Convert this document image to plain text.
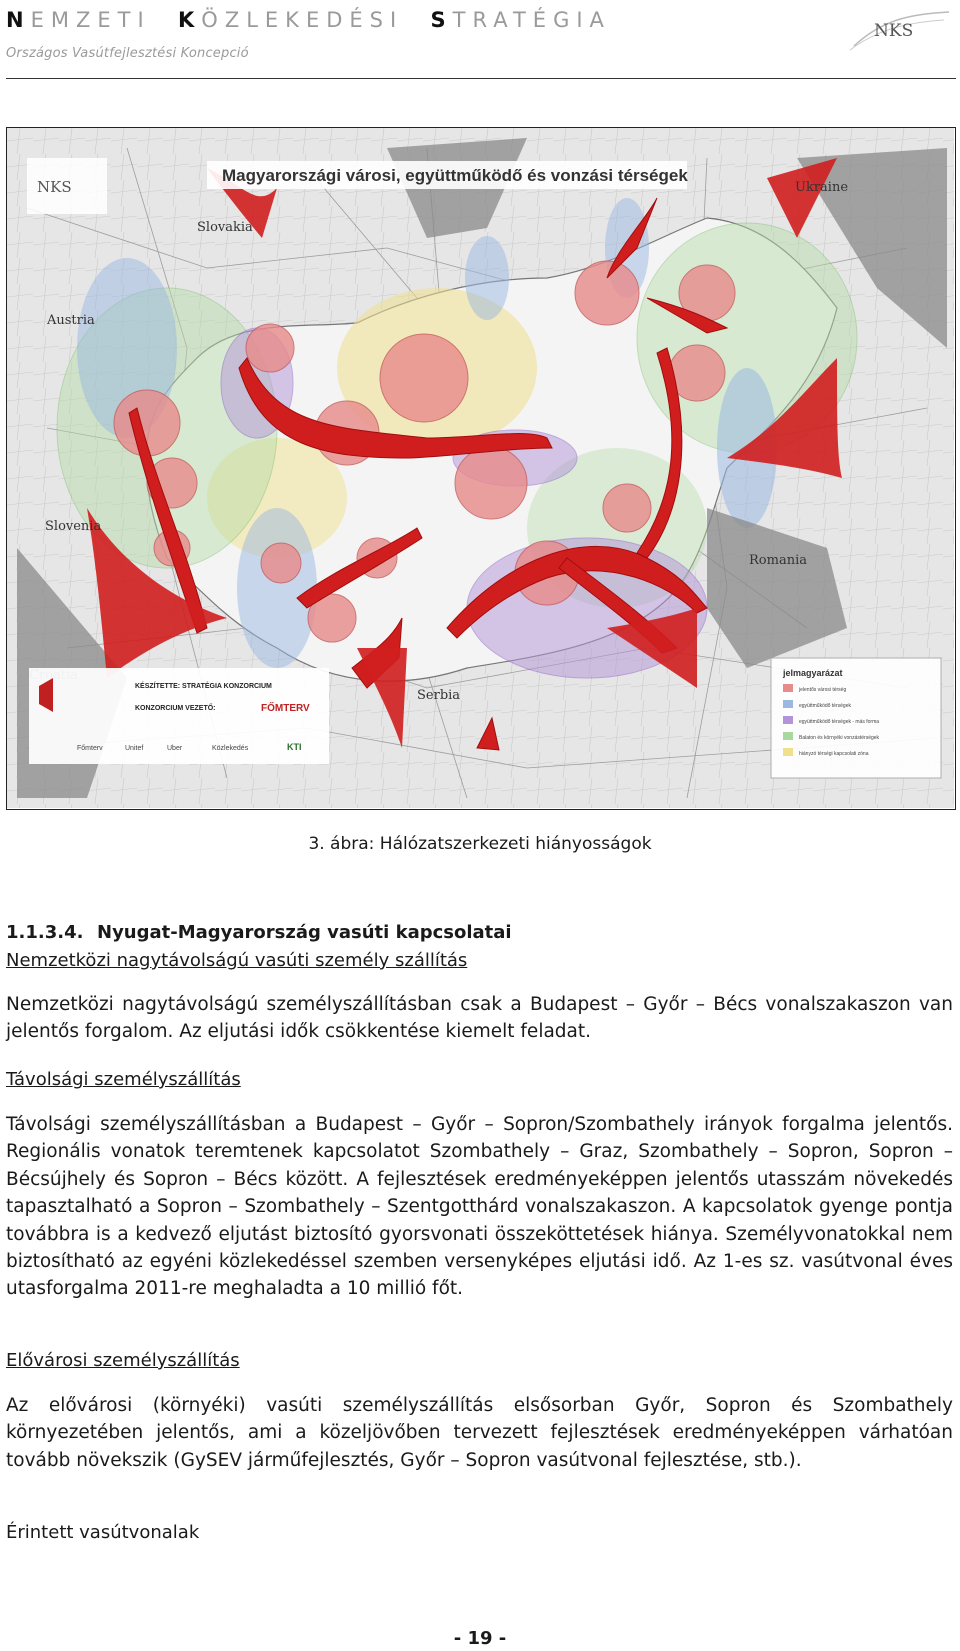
NEMZETI KÖZLEKEDÉSI STRATÉGIA
Országos Vasútfejlesztési Koncepció
NKS
Magyarországi városi, együttműködő és vonzási térségek
NKS
Slovakia
Ukraine
Austria
Slovenia
Romania
Serbia
KÉSZÍTETTE: STRATÉGIA KONZORCIUM
KONZORCIUM VEZETŐ:	FŐMTERV
Főmterv	Unitef	Uber	Közlekedés	KTI
jelmagyarázat
jelentős városi térség
együttműködő térségek
együttműködő térségek - más forma
Balaton és környéki vonzástérségek
hiányzó térségi kapcsolati zóna
3. ábra: Hálózatszerkezeti hiányosságok
1.1.3.4. Nyugat-Magyarország vasúti kapcsolatai
Nemzetközi nagytávolságú vasúti személy szállítás
Nemzetközi nagytávolságú személyszállításban csak a Budapest – Győr – Bécs vonalszakaszon van jelentős forgalom. Az eljutási idők csökkentése kiemelt feladat.
Távolsági személyszállítás
Távolsági személyszállításban a Budapest – Győr – Sopron/Szombathely irányok forgalma jelentős. Regionális vonatok teremtenek kapcsolatot Szombathely – Graz, Szombathely – Sopron, Sopron – Bécsújhely és Sopron – Bécs között. A fejlesztések eredményeképpen jelentős utasszám növekedés tapasztalható a Sopron – Szombathely – Szentgotthárd vonalszakaszon. A kapcsolatok gyenge pontja továbbra is a kedvező eljutást biztosító gyorsvonati összeköttetések hiánya. Személyvonatokkal nem biztosítható az egyéni közlekedéssel szemben versenyképes eljutási idő. Az 1-es sz. vasútvonal éves utasforgalma 2011-re meghaladta a 10 millió főt.
Elővárosi személyszállítás
Az elővárosi (környéki) vasúti személyszállítás elsősorban Győr, Sopron és Szombathely környezetében jelentős, ami a közeljövőben tervezett fejlesztések eredményeképpen várhatóan tovább növekszik (GySEV járműfejlesztés, Győr – Sopron vasútvonal fejlesztése, stb.).
Érintett vasútvonalak
- 19 -
